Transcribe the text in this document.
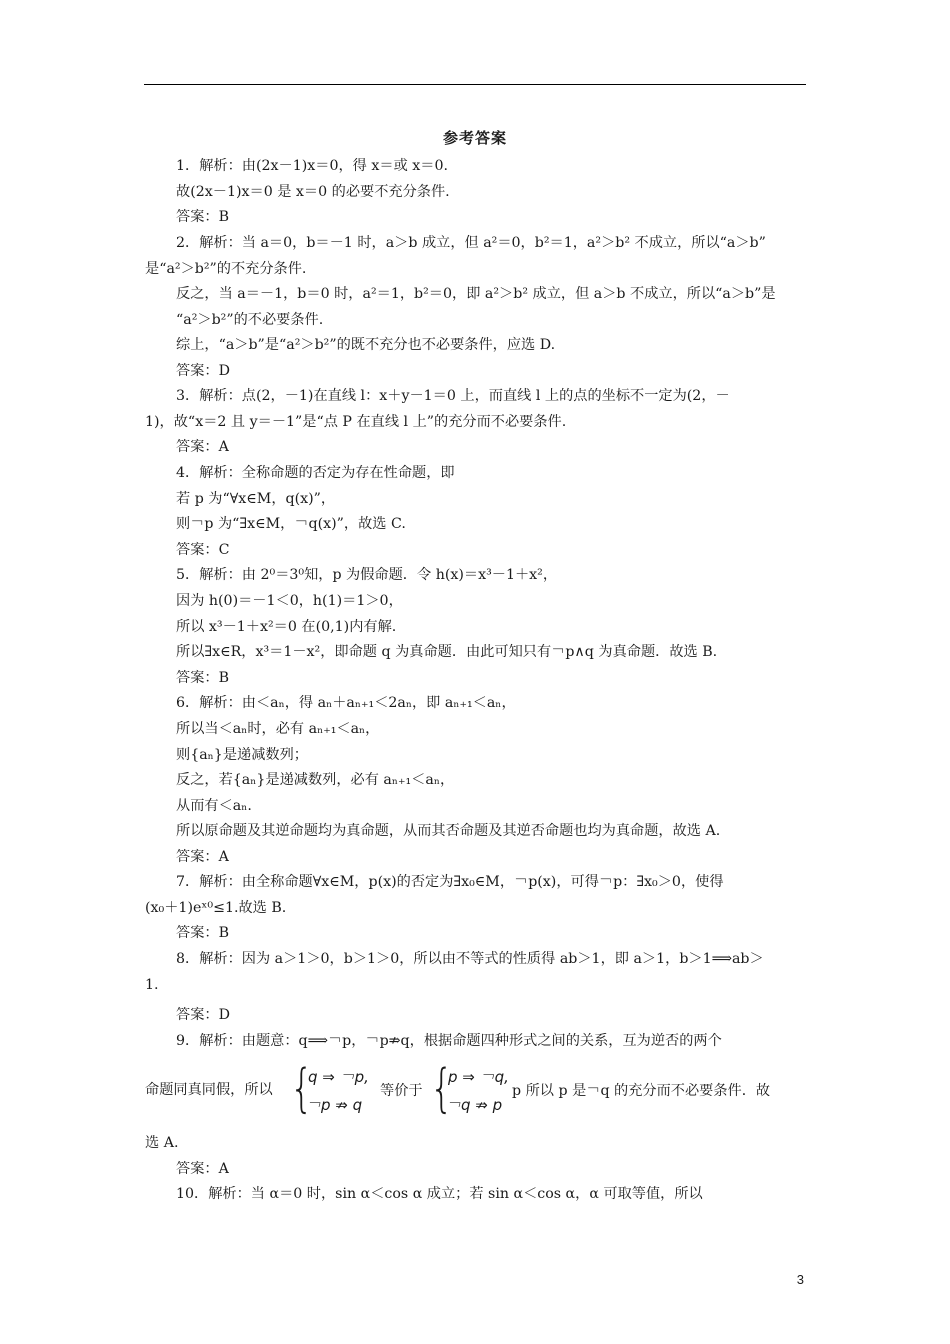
参考答案
1．解析：由(2x－1)x＝0，得 x＝或 x＝0.
故(2x－1)x＝0 是 x＝0 的必要不充分条件.
答案：B
2．解析：当 a＝0，b＝－1 时，a＞b 成立，但 a²＝0，b²＝1，a²＞b² 不成立，所以“a＞b”
是“a²＞b²”的不充分条件.
反之，当 a＝－1，b＝0 时，a²＝1，b²＝0，即 a²＞b² 成立，但 a＞b 不成立，所以“a＞b”是
“a²＞b²”的不必要条件.
综上，“a＞b”是“a²＞b²”的既不充分也不必要条件，应选 D.
答案：D
3．解析：点(2，－1)在直线 l：x＋y－1＝0 上，而直线 l 上的点的坐标不一定为(2，－
1)，故“x＝2 且 y＝－1”是“点 P 在直线 l 上”的充分而不必要条件.
答案：A
4．解析：全称命题的否定为存在性命题，即
若 p 为“∀x∈M，q(x)”，
则￢p 为“∃x∈M，￢q(x)”，故选 C.
答案：C
5．解析：由 2⁰＝3⁰知，p 为假命题．令 h(x)＝x³－1＋x²，
因为 h(0)＝－1＜0，h(1)＝1＞0，
所以 x³－1＋x²＝0 在(0,1)内有解.
所以∃x∈R，x³＝1－x²，即命题 q 为真命题．由此可知只有￢p∧q 为真命题．故选 B.
答案：B
6．解析：由＜aₙ，得 aₙ＋aₙ₊₁＜2aₙ，即 aₙ₊₁＜aₙ，
所以当＜aₙ时，必有 aₙ₊₁＜aₙ，
则{aₙ}是递减数列；
反之，若{aₙ}是递减数列，必有 aₙ₊₁＜aₙ，
从而有＜aₙ.
所以原命题及其逆命题均为真命题，从而其否命题及其逆否命题也均为真命题，故选 A.
答案：A
7．解析：由全称命题∀x∈M，p(x)的否定为∃x₀∈M，￢p(x)，可得￢p：∃x₀＞0，使得
(x₀＋1)eˣ⁰≤1.故选 B.
答案：B
8．解析：因为 a＞1＞0，b＞1＞0，所以由不等式的性质得 ab＞1，即 a＞1，b＞1⟹ab＞
1.
答案：D
9．解析：由题意：q⟹￢p，￢p⇏q，根据命题四种形式之间的关系，互为逆否的两个
命题同真同假，所以
选 A.
答案：A
10．解析：当 α＝0 时，sin α＜cos α 成立；若 sin α＜cos α，α 可取等值，所以
{
q ⇒ ￢p,
￢p ⇏ q
等价于 {
p ⇒ ￢q,
￢q ⇏ p
p 所以 p 是￢q 的充分而不必要条件．故
3
